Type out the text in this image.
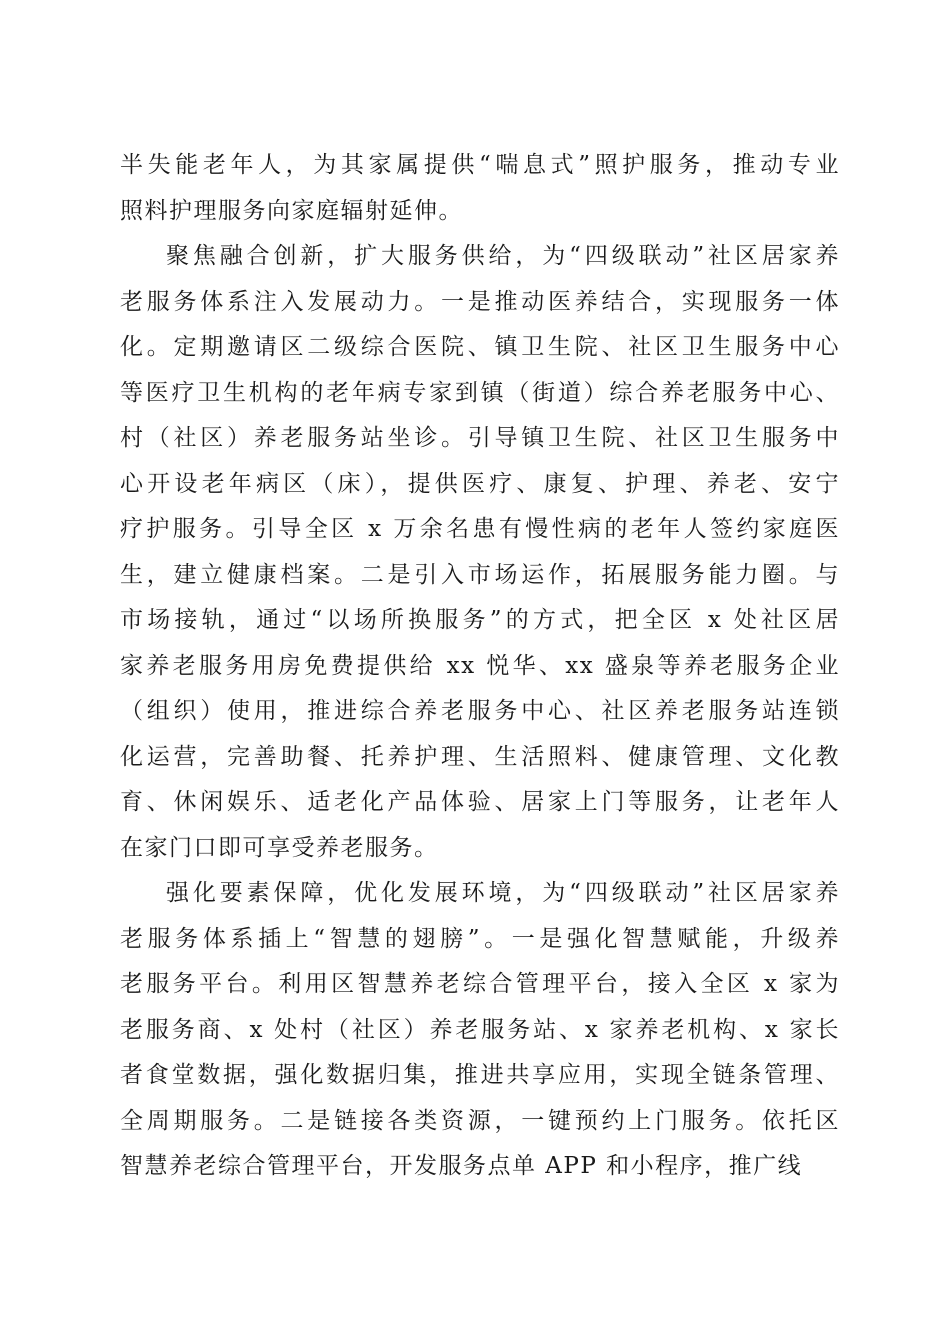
半失能老年人，为其家属提供“喘息式”照护服务，推动专业
照料护理服务向家庭辐射延伸。
聚焦融合创新，扩大服务供给，为“四级联动”社区居家养
老服务体系注入发展动力。一是推动医养结合，实现服务一体
化。定期邀请区二级综合医院、镇卫生院、社区卫生服务中心
等医疗卫生机构的老年病专家到镇（街道）综合养老服务中心、
村（社区）养老服务站坐诊。引导镇卫生院、社区卫生服务中
心开设老年病区（床），提供医疗、康复、护理、养老、安宁
疗护服务。引导全区 x 万余名患有慢性病的老年人签约家庭医
生，建立健康档案。二是引入市场运作，拓展服务能力圈。与
市场接轨，通过“以场所换服务”的方式，把全区 x 处社区居
家养老服务用房免费提供给 xx 悦华、xx 盛泉等养老服务企业
（组织）使用，推进综合养老服务中心、社区养老服务站连锁
化运营，完善助餐、托养护理、生活照料、健康管理、文化教
育、休闲娱乐、适老化产品体验、居家上门等服务，让老年人
在家门口即可享受养老服务。
强化要素保障，优化发展环境，为“四级联动”社区居家养
老服务体系插上“智慧的翅膀”。一是强化智慧赋能，升级养
老服务平台。利用区智慧养老综合管理平台，接入全区 x 家为
老服务商、x 处村（社区）养老服务站、x 家养老机构、x 家长
者食堂数据，强化数据归集，推进共享应用，实现全链条管理、
全周期服务。二是链接各类资源，一键预约上门服务。依托区
智慧养老综合管理平台，开发服务点单 APP 和小程序，推广线
